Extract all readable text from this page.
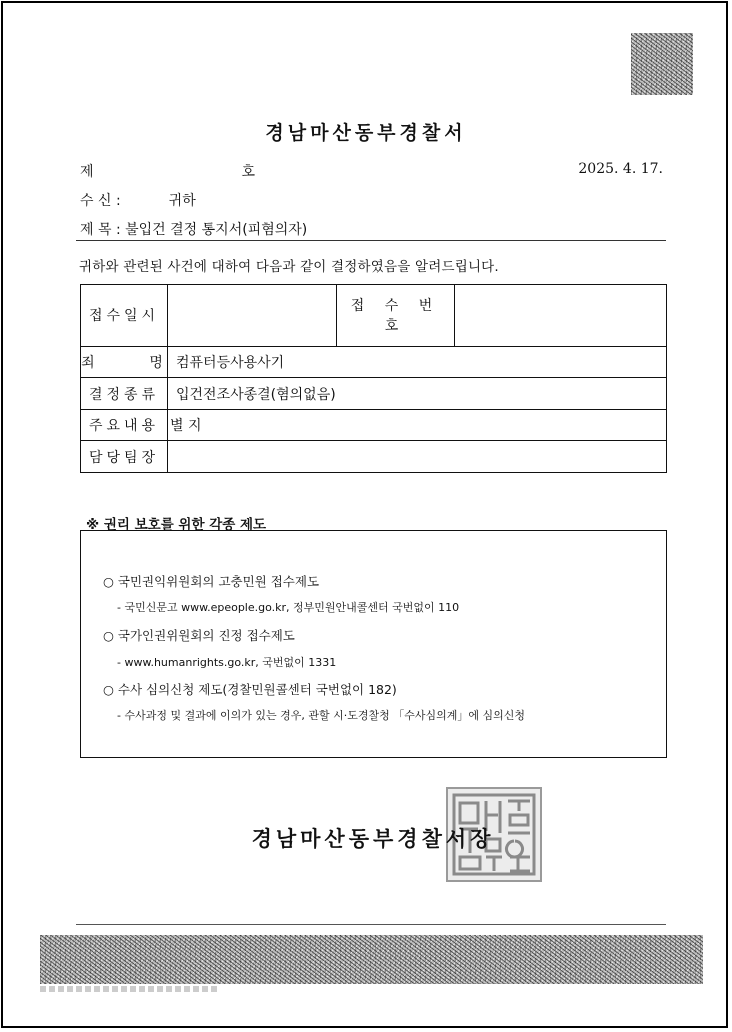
경남마산동부경찰서
제	호	2025. 4. 17.
수 신 :	귀하
제 목 : 불입건 결정 통지서(피혐의자)
귀하와 관련된 사건에 대하여 다음과 같이 결정하였음을 알려드립니다.
접수일시		접 수 번 호	
죄      명	컴퓨터등사용사기		
결정종류	입건전조사종결(혐의없음)		
주요내용	별 지		
담당팀장			
※ 권리 보호를 위한 각종 제도
○ 국민권익위원회의 고충민원 접수제도
- 국민신문고 www.epeople.go.kr, 정부민원안내콜센터 국번없이 110
○ 국가인권위원회의 진정 접수제도
- www.humanrights.go.kr, 국번없이 1331
○ 수사 심의신청 제도(경찰민원콜센터 국번없이 182)
- 수사과정 및 결과에 이의가 있는 경우, 관할 시·도경찰청 「수사심의계」에 심의신청
경남마산동부경찰서장
